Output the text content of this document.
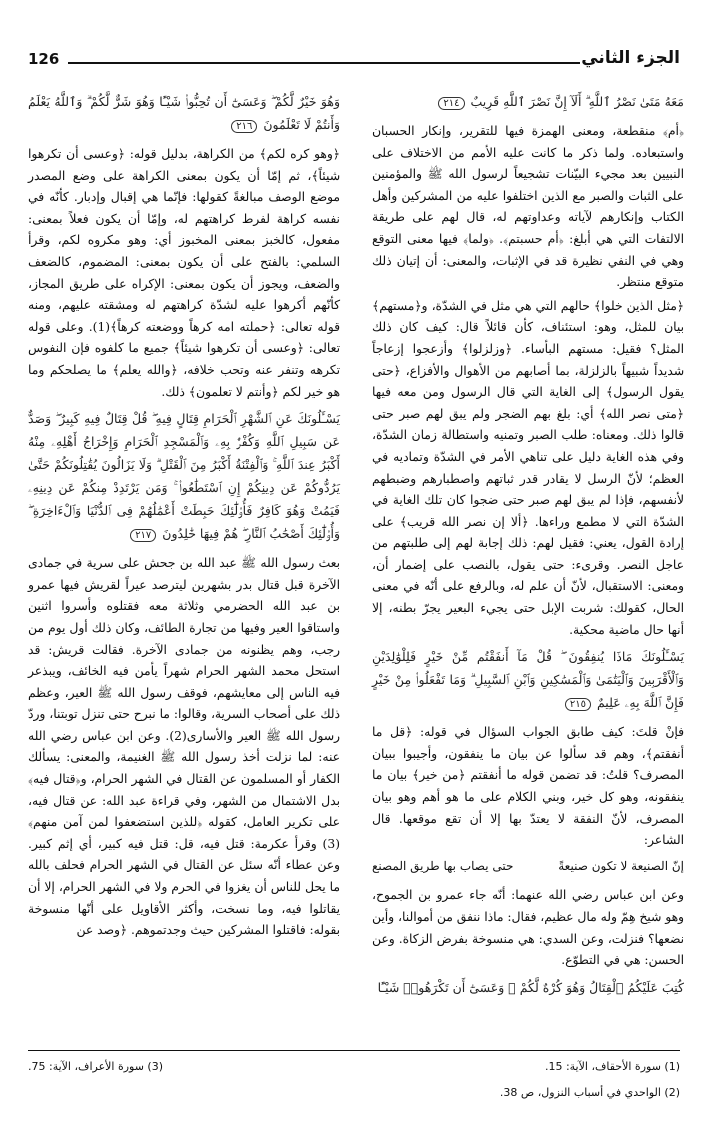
126	الجزء الثاني

مَعَهُ مَتَىٰ نَصْرُ ٱللَّهِ ۗ أَلَآ إِنَّ نَصْرَ ٱللَّهِ قَرِيبٌ ٢١٤

﴿أم﴾ منقطعة، ومعنى الهمزة فيها للتقرير، وإنكار الحسبان واستبعاده. ولما ذكر ما كانت عليه الأمم من الاختلاف على النبيين بعد مجيء البيّنات تشجيعاً لرسول الله ﷺ والمؤمنين على الثبات والصبر مع الذين اختلفوا عليه من المشركين وأهل الكتاب وإنكارهم لآياته وعداوتهم له، قال لهم على طريقة الالتفات التي هي أبلغ: ﴿أم حسبتم﴾. ﴿ولما﴾ فيها معنى التوقع وهي في النفي نظيرة قد في الإثبات، والمعنى: أن إتيان ذلك متوقع منتظر.

﴿مثل الذين خلوا﴾ حالهم التي هي مثل في الشدّة، و﴿مستهم﴾ بيان للمثل، وهو: استئناف، كأن قائلاً قال: كيف كان ذلك المثل؟ فقيل: مستهم البأساء. ﴿وزلزلوا﴾ وأزعجوا إزعاجاً شديداً شبيهاً بالزلزلة، بما أصابهم من الأهوال والأفزاع، ﴿حتى يقول الرسول﴾ إلى الغاية التي قال الرسول ومن معه فيها ﴿متى نصر الله﴾ أي: بلغ بهم الضجر ولم يبق لهم صبر حتى قالوا ذلك. ومعناه: طلب الصبر وتمنيه واستطالة زمان الشدّة، وفي هذه الغاية دليل على تناهي الأمر في الشدّة وتماديه في العظم؛ لأنّ الرسل لا يقادر قدر ثباتهم واصطبارهم وضبطهم لأنفسهم، فإذا لم يبق لهم صبر حتى ضجوا كان تلك الغاية في الشدّة التي لا مطمع وراءها. ﴿ألا إن نصر الله قريب﴾ على إرادة القول، يعني: فقيل لهم: ذلك إجابة لهم إلى طلبتهم من عاجل النصر. وقرىء: حتى يقول، بالنصب على إضمار أن، ومعنى: الاستقبال، لأنّ أن علم له، وبالرفع على أنّه في معنى الحال، كقولك: شربت الإبل حتى يجيء البعير يجرّ بطنه، إلا أنها حال ماضية محكية.

يَسْـَٔلُونَكَ مَاذَا يُنفِقُونَ ۖ قُلْ مَآ أَنفَقْتُم مِّنْ خَيْرٍ فَلِلْوَٰلِدَيْنِ وَٱلْأَقْرَبِينَ وَٱلْيَتَٰمَىٰ وَٱلْمَسَٰكِينِ وَٱبْنِ ٱلسَّبِيلِ ۗ وَمَا تَفْعَلُوا۟ مِنْ خَيْرٍ فَإِنَّ ٱللَّهَ بِهِۦ عَلِيمٌ ٢١٥

فإنْ قلتَ: كيف طابق الجواب السؤال في قوله: ﴿قل ما أنفقتم﴾، وهم قد سألوا عن بيان ما ينفقون، وأجيبوا ببيان المصرف؟ قلتُ: قد تضمن قوله ما أنفقتم ﴿من خير﴾ بيان ما ينفقونه، وهو كل خير، وبني الكلام على ما هو أهم وهو بيان المصرف، لأنّ النفقة لا يعتدّ بها إلا أن تقع موقعها. قال الشاعر:

إنّ الصنيعة لا تكون صنيعةً
حتى يصاب بها طريق المصنع

وعن ابن عباس رضي الله عنهما: أنّه جاء عمرو بن الجموح، وهو شيخ هِمّ وله مال عظيم، فقال: ماذا ننفق من أموالنا، وأين نضعها؟ فنزلت، وعن السدي: هي منسوخة بفرض الزكاة. وعن الحسن: هي في التطوّع.

كُتِبَ عَلَيْكُمُ ٱلْقِتَالُ وَهُوَ كُرْهٌ لَّكُمْ ۖ وَعَسَىٰٓ أَن تَكْرَهُوا۟ شَيْـًٔا

وَهُوَ خَيْرٌ لَّكُمْ ۖ وَعَسَىٰٓ أَن تُحِبُّوا۟ شَيْـًٔا وَهُوَ شَرٌّ لَّكُمْ ۗ وَٱللَّهُ يَعْلَمُ وَأَنتُمْ لَا تَعْلَمُونَ ٢١٦

﴿وهو كره لكم﴾ من الكراهة، بدليل قوله: ﴿وعسى أن تكرهوا شيئاً﴾، ثم إمّا أن يكون بمعنى الكراهة على وضع المصدر موضع الوصف مبالغةً كقولها: فإنّما هي إقبال وإدبار. كأنّه في نفسه كراهة لفرط كراهتهم له، وإمّا أن يكون فعلاً بمعنى: مفعول، كالخبز بمعنى المخبوز أي: وهو مكروه لكم، وقرأ السلمي: بالفتح على أن يكون بمعنى: المضموم، كالضعف والضعف، ويجوز أن يكون بمعنى: الإكراه على طريق المجاز، كأنّهم أكرهوا عليه لشدّة كراهتهم له ومشقته عليهم، ومنه قوله تعالى: ﴿حملته امه كرهاً ووضعته كرهاً﴾(1). وعلى قوله تعالى: ﴿وعسى أن تكرهوا شيئاً﴾ جميع ما كلفوه فإن النفوس تكرهه وتنفر عنه وتحب خلافه، ﴿والله يعلم﴾ ما يصلحكم وما هو خير لكم ﴿وأنتم لا تعلمون﴾ ذلك.

يَسْـَٔلُونَكَ عَنِ ٱلشَّهْرِ ٱلْحَرَامِ قِتَالٍ فِيهِ ۖ قُلْ قِتَالٌ فِيهِ كَبِيرٌ ۖ وَصَدٌّ عَن سَبِيلِ ٱللَّهِ وَكُفْرٌۢ بِهِۦ وَٱلْمَسْجِدِ ٱلْحَرَامِ وَإِخْرَاجُ أَهْلِهِۦ مِنْهُ أَكْبَرُ عِندَ ٱللَّهِ ۚ وَٱلْفِتْنَةُ أَكْبَرُ مِنَ ٱلْقَتْلِ ۗ وَلَا يَزَالُونَ يُقَٰتِلُونَكُمْ حَتَّىٰ يَرُدُّوكُمْ عَن دِينِكُمْ إِنِ ٱسْتَطَٰعُوا۟ ۚ وَمَن يَرْتَدِدْ مِنكُمْ عَن دِينِهِۦ فَيَمُتْ وَهُوَ كَافِرٌ فَأُو۟لَٰٓئِكَ حَبِطَتْ أَعْمَٰلُهُمْ فِى ٱلدُّنْيَا وَٱلْءَاخِرَةِ ۖ وَأُو۟لَٰٓئِكَ أَصْحَٰبُ ٱلنَّارِ ۖ هُمْ فِيهَا خَٰلِدُونَ ٢١٧

بعث رسول الله ﷺ عبد الله بن جحش على سرية في جمادى الآخرة قبل قتال بدر بشهرين ليترصد عيراً لقريش فيها عمرو بن عبد الله الحضرمي وثلاثة معه فقتلوه وأسروا اثنين واستاقوا العير وفيها من تجارة الطائف، وكان ذلك أول يوم من رجب، وهم يظنونه من جمادى الآخرة. فقالت قريش: قد استحل محمد الشهر الحرام شهراً يأمن فيه الخائف، ويبذعر فيه الناس إلى معايشهم، فوقف رسول الله ﷺ العير، وعظم ذلك على أصحاب السرية، وقالوا: ما نبرح حتى تنزل توبتنا، وردّ رسول الله ﷺ العير والأسارى(2). وعن ابن عباس رضي الله عنه: لما نزلت أخذ رسول الله ﷺ الغنيمة، والمعنى: يسألك الكفار أو المسلمون عن القتال في الشهر الحرام، و﴿قتال فيه﴾ بدل الاشتمال من الشهر، وفي قراءة عبد الله: عن قتال فيه، على تكرير العامل، كقوله ﴿للذين استضعفوا لمن آمن منهم﴾(3) وقرأ عكرمة: قتل فيه، قل: قتل فيه كبير، أي إثم كبير. وعن عطاء أنّه سئل عن القتال في الشهر الحرام فحلف بالله ما يحل للناس أن يغزوا في الحرم ولا في الشهر الحرام، إلا أن يقاتلوا فيه، وما نسخت، وأكثر الأقاويل على أنّها منسوخة بقوله: فاقتلوا المشركين حيث وجدتموهم. ﴿وصد عن

(1) سورة الأحقاف، الآية: 15.
(2) الواحدي في أسباب النزول، ص 38.
(3) سورة الأعراف، الآية: 75.
